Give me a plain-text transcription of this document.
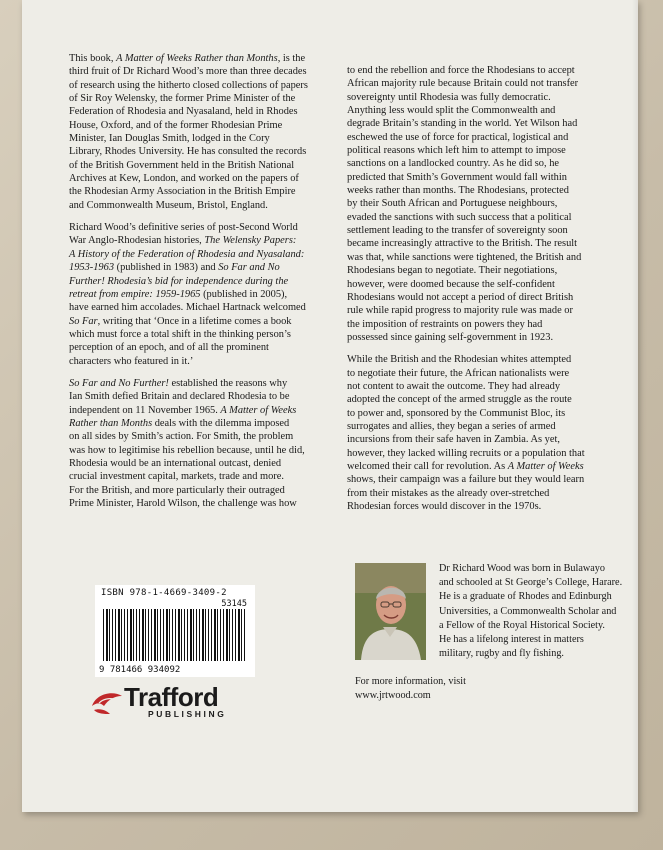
This book, A Matter of Weeks Rather than Months, is the
third fruit of Dr Richard Wood’s more than three decades
of research using the hitherto closed collections of papers
of Sir Roy Welensky, the former Prime Minister of the
Federation of Rhodesia and Nyasaland, held in Rhodes
House, Oxford, and of the former Rhodesian Prime
Minister, Ian Douglas Smith, lodged in the Cory
Library, Rhodes University. He has consulted the records
of the British Government held in the British National
Archives at Kew, London, and worked on the papers of
the Rhodesian Army Association in the British Empire
and Commonwealth Museum, Bristol, England.

Richard Wood’s definitive series of post-Second World
War Anglo-Rhodesian histories, The Welensky Papers:
A History of the Federation of Rhodesia and Nyasaland:
1953-1963 (published in 1983) and So Far and No
Further! Rhodesia’s bid for independence during the
retreat from empire: 1959-1965 (published in 2005),
have earned him accolades. Michael Hartnack welcomed
So Far, writing that ‘Once in a lifetime comes a book
which must force a total shift in the thinking person’s
perception of an epoch, and of all the prominent
characters who featured in it.’

So Far and No Further! established the reasons why
Ian Smith defied Britain and declared Rhodesia to be
independent on 11 November 1965. A Matter of Weeks
Rather than Months deals with the dilemma imposed
on all sides by Smith’s action. For Smith, the problem
was how to legitimise his rebellion because, until he did,
Rhodesia would be an international outcast, denied
crucial investment capital, markets, trade and more.
For the British, and more particularly their outraged
Prime Minister, Harold Wilson, the challenge was how

to end the rebellion and force the Rhodesians to accept
African majority rule because Britain could not transfer
sovereignty until Rhodesia was fully democratic.
Anything less would split the Commonwealth and
degrade Britain’s standing in the world. Yet Wilson had
eschewed the use of force for practical, logistical and
political reasons which left him to attempt to impose
sanctions on a landlocked country. As he did so, he
predicted that Smith’s Government would fall within
weeks rather than months. The Rhodesians, protected
by their South African and Portuguese neighbours,
evaded the sanctions with such success that a political
settlement leading to the transfer of sovereignty soon
became increasingly attractive to the British. The result
was that, while sanctions were tightened, the British and
Rhodesians began to negotiate. Their negotiations,
however, were doomed because the self-confident
Rhodesians would not accept a period of direct British
rule while rapid progress to majority rule was made or
the imposition of restraints on powers they had
possessed since gaining self-government in 1923.

While the British and the Rhodesian whites attempted
to negotiate their future, the African nationalists were
not content to await the outcome. They had already
adopted the concept of the armed struggle as the route
to power and, sponsored by the Communist Bloc, its
surrogates and allies, they began a series of armed
incursions from their safe haven in Zambia. As yet,
however, they lacked willing recruits or a population that
welcomed their call for revolution. As A Matter of Weeks
shows, their campaign was a failure but they would learn
from their mistakes as the already over-stretched
Rhodesian forces would discover in the 1970s.

ISBN 978-1-4669-3409-2
53145
9 781466 934092
Trafford
PUBLISHING
Dr Richard Wood was born in Bulawayo
and schooled at St George’s College, Harare.
He is a graduate of Rhodes and Edinburgh
Universities, a Commonwealth Scholar and
a Fellow of the Royal Historical Society.
He has a lifelong interest in matters
military, rugby and fly fishing.
For more information, visit
www.jrtwood.com
